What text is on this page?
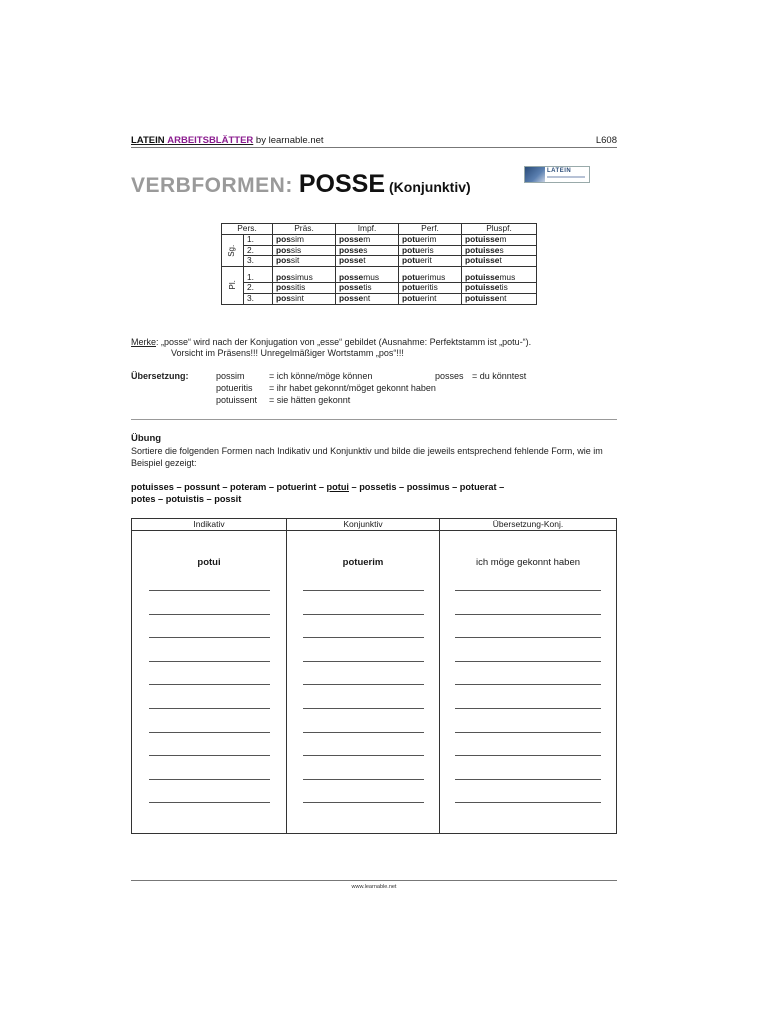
LATEIN ARBEITSBLÄTTER by learnable.net	L608
LATEIN
VERBFORMEN: POSSE (Konjunktiv)
Pers.		Präs.	Impf.	Perf.	Pluspf.
Sg.	1.	possim	possem	potuerim	potuissem
	2.	possis	posses	potueris	potuisses
	3.	possit	posset	potuerit	potuisset
Pl.	1.	possimus	possemus	potuerimus	potuissemus
	2.	possitis	possetis	potueritis	potuissetis
	3.	possint	possent	potuerint	potuissent
Merke: „posse“ wird nach der Konjugation von „esse“ gebildet (Ausnahme: Perfektstamm ist „potu-“).
Vorsicht im Präsens!!! Unregelmäßiger Wortstamm „pos“!!!
Übersetzung:	possim	= ich könne/möge können	posses = du könntest
potueritis = ihr habet gekonnt/möget gekonnt haben
potuissent = sie hätten gekonnt
Übung
Sortiere die folgenden Formen nach Indikativ und Konjunktiv und bilde die jeweils entsprechend fehlende Form, wie im Beispiel gezeigt:
potuisses – possunt – poteram – potuerint – potui – possetis – possimus – potuerat –
potes – potuistis – possit
Indikativ	Konjunktiv	Übersetzung-Konj.
potui	potuerim	ich möge gekonnt haben
www.learnable.net
